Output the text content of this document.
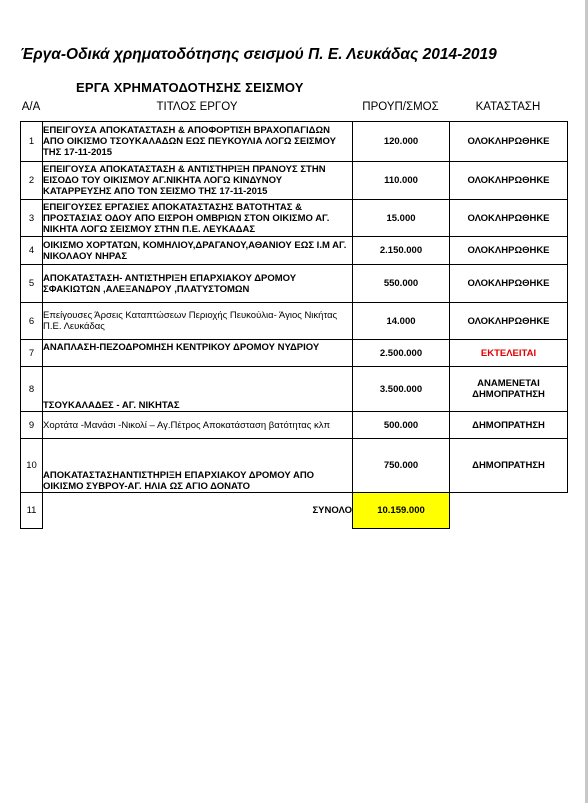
Έργα-Οδικά χρηματοδότησης σεισμού Π. Ε. Λευκάδας 2014-2019
ΕΡΓΑ ΧΡΗΜΑΤΟΔΟΤΗΣΗΣ ΣΕΙΣΜΟΥ
Α/Α	ΤΙΤΛΟΣ ΕΡΓΟΥ	ΠΡΟΥΠ/ΣΜΟΣ	ΚΑΤΑΣΤΑΣΗ
1	ΕΠΕΙΓΟΥΣΑ ΑΠΟΚΑΤΑΣΤΑΣΗ & ΑΠΟΦΟΡΤΙΣΗ ΒΡΑΧΟΠΑΓΙΔΩΝ ΑΠΟ ΟΙΚΙΣΜΟ ΤΣΟΥΚΑΛΑΔΩΝ ΕΩΣ ΠΕΥΚΟΥΛΙΑ ΛΟΓΩ ΣΕΙΣΜΟΥ ΤΗΣ 17-11-2015	120.000	ΟΛΟΚΛΗΡΩΘΗΚΕ
2	ΕΠΕΙΓΟΥΣΑ ΑΠΟΚΑΤΑΣΤΑΣΗ & ΑΝΤΙΣΤΗΡΙΞΗ ΠΡΑΝΟΥΣ ΣΤΗΝ ΕΙΣΟΔΟ ΤΟΥ ΟΙΚΙΣΜΟΥ ΑΓ.ΝΙΚΗΤΑ ΛΟΓΩ ΚΙΝΔΥΝΟΥ ΚΑΤΑΡΡΕΥΣΗΣ ΑΠΟ ΤΟΝ ΣΕΙΣΜΟ ΤΗΣ 17-11-2015	110.000	ΟΛΟΚΛΗΡΩΘΗΚΕ
3	ΕΠΕΙΓΟΥΣΕΣ ΕΡΓΑΣΙΕΣ ΑΠΟΚΑΤΑΣΤΑΣΗΣ ΒΑΤΟΤΗΤΑΣ & ΠΡΟΣΤΑΣΙΑΣ ΟΔΟΥ ΑΠΟ ΕΙΣΡΟΗ ΟΜΒΡΙΩΝ ΣΤΟΝ ΟΙΚΙΣΜΟ ΑΓ. ΝΙΚΗΤΑ ΛΟΓΩ ΣΕΙΣΜΟΥ ΣΤΗΝ Π.Ε. ΛΕΥΚΑΔΑΣ	15.000	ΟΛΟΚΛΗΡΩΘΗΚΕ
4	ΟΙΚΙΣΜΟ ΧΟΡΤΑΤΩΝ, ΚΟΜΗΛΙΟΥ,ΔΡΑΓΑΝΟΥ,ΑΘΑΝΙΟΥ ΕΩΣ Ι.Μ ΑΓ. ΝΙΚΟΛΑΟΥ ΝΗΡΑΣ	2.150.000	ΟΛΟΚΛΗΡΩΘΗΚΕ
5	ΑΠΟΚΑΤΑΣΤΑΣΗ- ΑΝΤΙΣΤΗΡΙΞΗ ΕΠΑΡΧΙΑΚΟΥ ΔΡΟΜΟΥ ΣΦΑΚΙΩΤΩΝ ,ΑΛΕΞΑΝΔΡΟΥ ,ΠΛΑΤΥΣΤΟΜΩΝ	550.000	ΟΛΟΚΛΗΡΩΘΗΚΕ
6	Επείγουσες Άρσεις Καταπτώσεων Περιοχής Πευκούλια- Άγιος Νικήτας Π.Ε. Λευκάδας	14.000	ΟΛΟΚΛΗΡΩΘΗΚΕ
7	ΑΝΑΠΛΑΣΗ-ΠΕΖΟΔΡΟΜΗΣΗ ΚΕΝΤΡΙΚΟΥ ΔΡΟΜΟΥ ΝΥΔΡΙΟΥ	2.500.000	ΕΚΤΕΛΕΙΤΑΙ
8	ΤΣΟΥΚΑΛΑΔΕΣ - ΑΓ. ΝΙΚΗΤΑΣ	3.500.000	ΑΝΑΜΕΝΕΤΑΙ ΔΗΜΟΠΡΑΤΗΣΗ
9	Χορτάτα -Μανάσι -Νικολί – Αγ.Πέτρος Αποκατάσταση βατότητας κλπ	500.000	ΔΗΜΟΠΡΑΤΗΣΗ
10	ΑΠΟΚΑΤΑΣΤΑΣΗΑΝΤΙΣΤΗΡΙΞΗ ΕΠΑΡΧΙΑΚΟΥ ΔΡΟΜΟΥ ΑΠΟ ΟΙΚΙΣΜΟ ΣΥΒΡΟΥ-ΑΓ. ΗΛΙΑ ΩΣ ΑΓΙΟ ΔΟΝΑΤΟ	750.000	ΔΗΜΟΠΡΑΤΗΣΗ
11	ΣΥΝΟΛΟ	10.159.000	
